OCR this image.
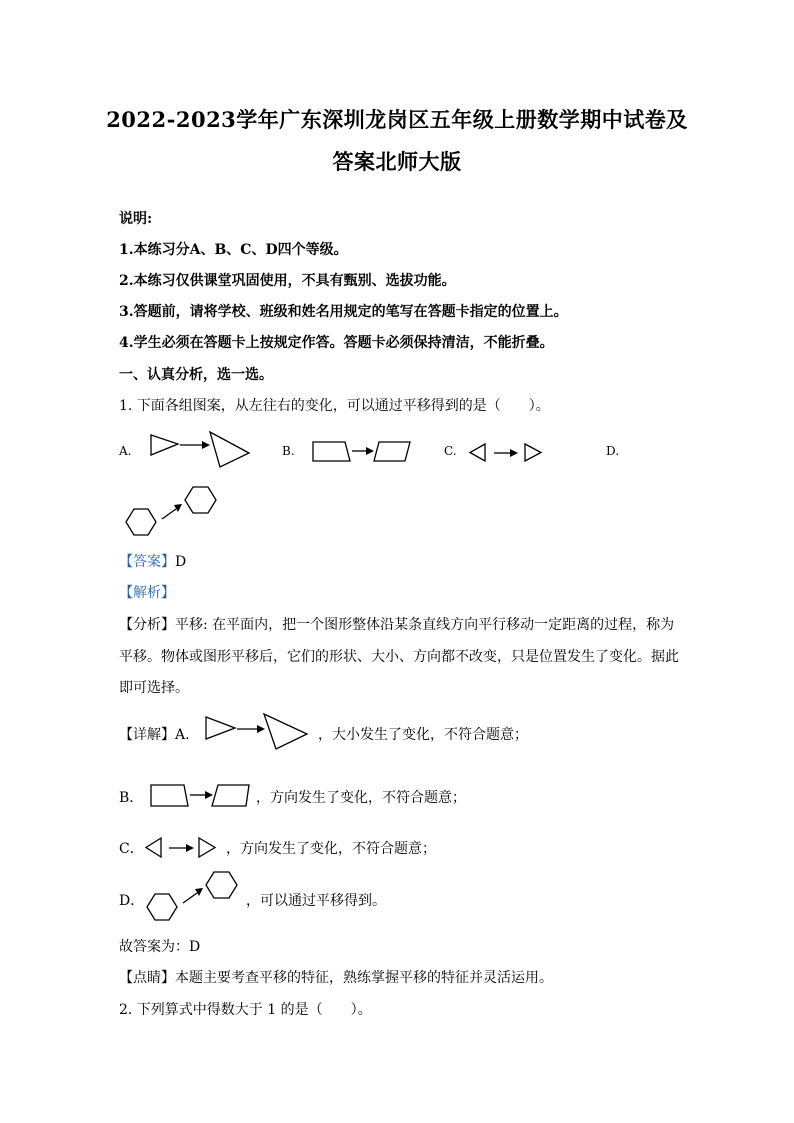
2022-2023学年广东深圳龙岗区五年级上册数学期中试卷及
答案北师大版
说明:
1.本练习分A、B、C、D四个等级。
2.本练习仅供课堂巩固使用，不具有甄别、选拔功能。
3.答题前，请将学校、班级和姓名用规定的笔写在答题卡指定的位置上。
4.学生必须在答题卡上按规定作答。答题卡必须保持清洁，不能折叠。
一、认真分析，选一选。
1. 下面各组图案，从左往右的变化，可以通过平移得到的是（　　）。
A.	B.	C.	D.
【答案】D
【解析】
【分析】平移: 在平面内，把一个图形整体沿某条直线方向平行移动一定距离的过程，称为
平移。物体或图形平移后，它们的形状、大小、方向都不改变，只是位置发生了变化。据此
即可选择。
【详解】A.	，大小发生了变化，不符合题意；
B．	，方向发生了变化，不符合题意；
C．	，方向发生了变化，不符合题意；
D．	，可以通过平移得到。
故答案为：D
【点睛】本题主要考查平移的特征，熟练掌握平移的特征并灵活运用。
2. 下列算式中得数大于 1 的是（　　）。
